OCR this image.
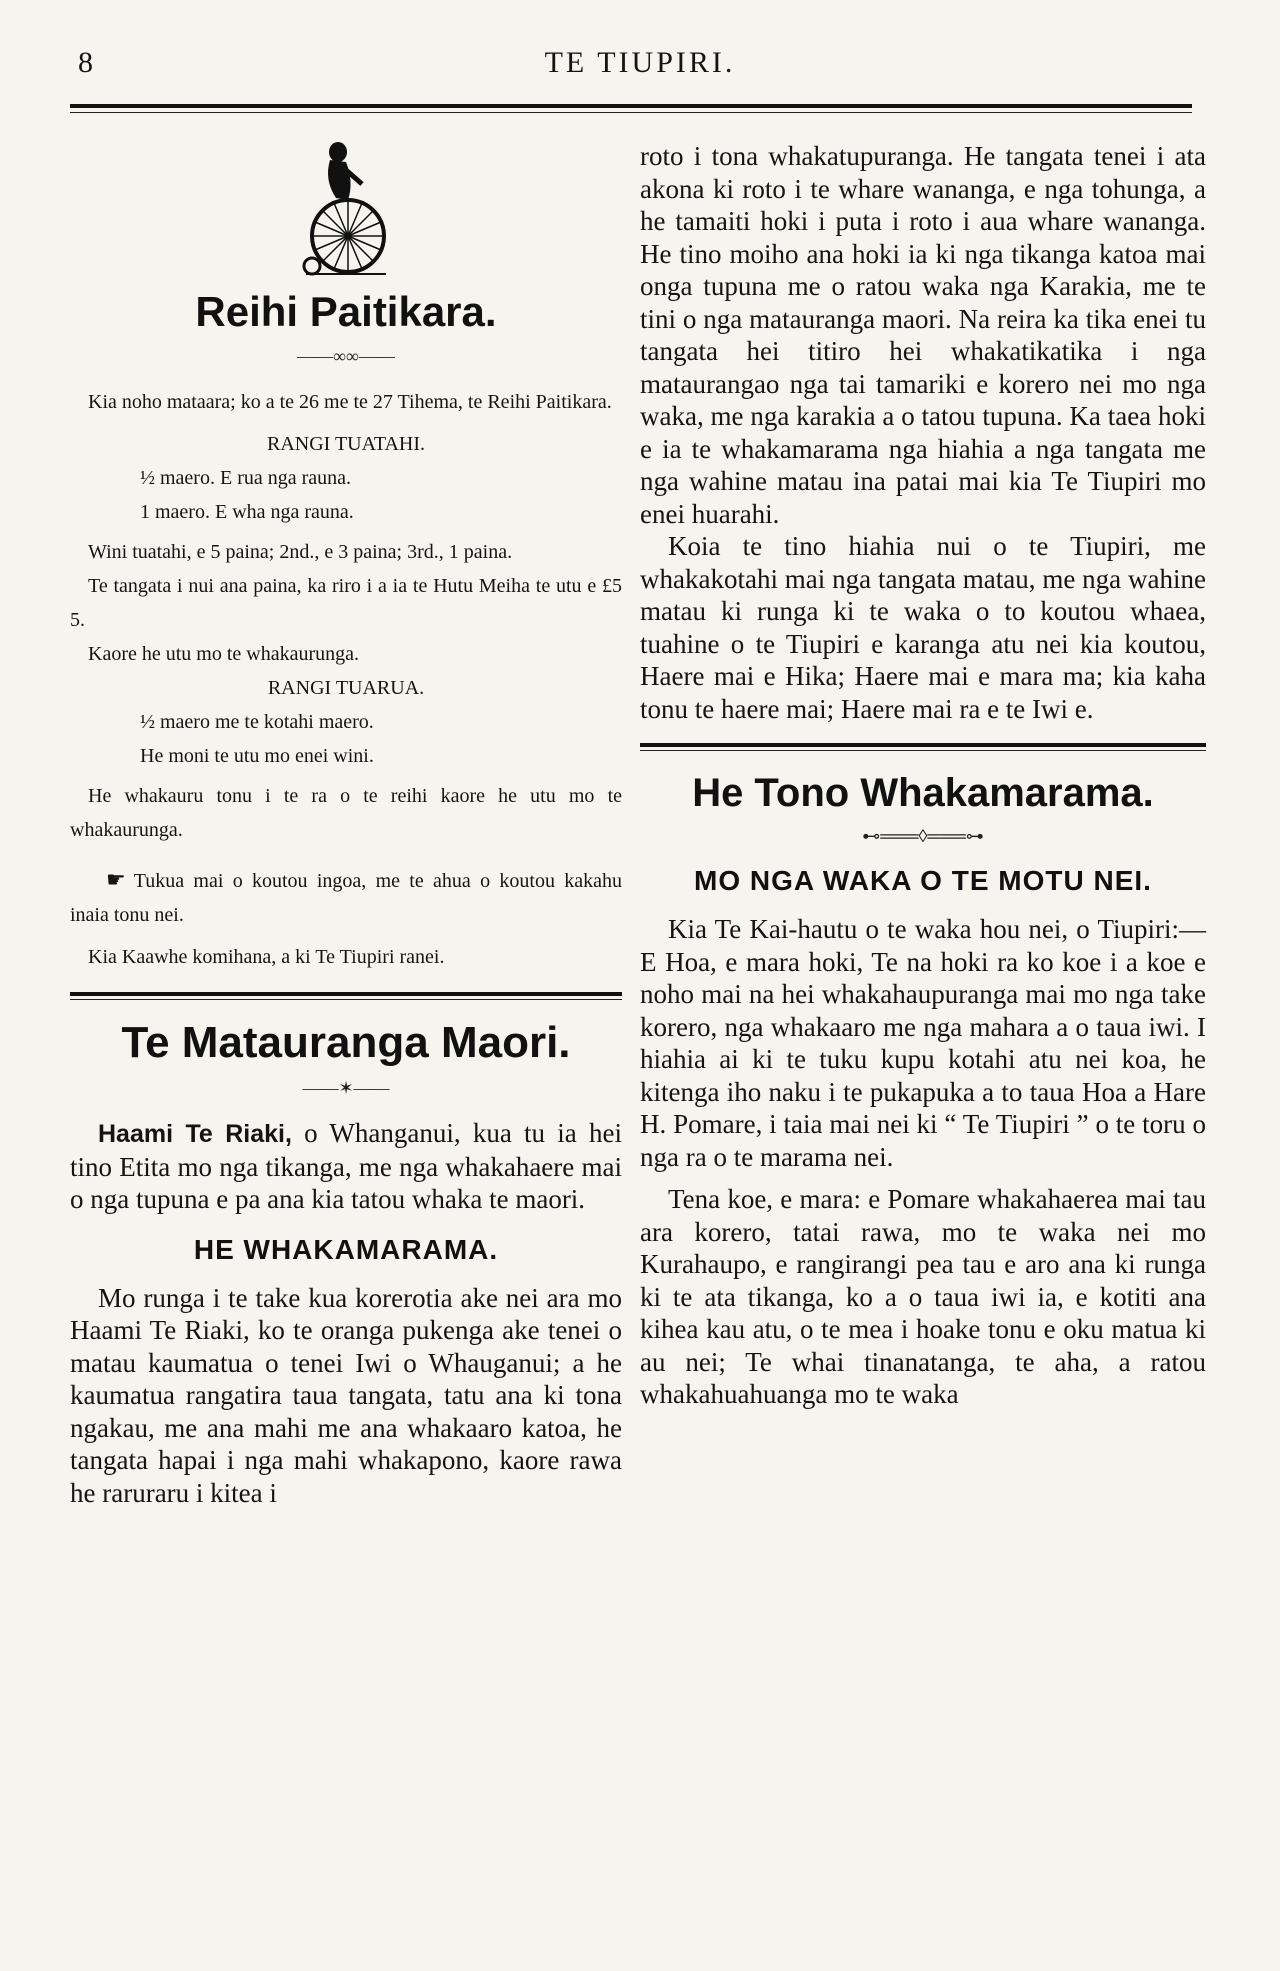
8	TE TIUPIRI.
Reihi Paitikara.
——∞∞——

Kia noho mataara; ko a te 26 me te 27 Tihema, te Reihi Paitikara.

RANGI TUATAHI.

½ maero. E rua nga rauna.

1 maero. E wha nga rauna.

Wini tuatahi, e 5 paina; 2nd., e 3 paina; 3rd., 1 paina.

Te tangata i nui ana paina, ka riro i a ia te Hutu Meiha te utu e £5 5.

Kaore he utu mo te whakaurunga.

RANGI TUARUA.

½ maero me te kotahi maero.

He moni te utu mo enei wini.

He whakauru tonu i te ra o te reihi kaore he utu mo te whakaurunga.

☛ Tukua mai o koutou ingoa, me te ahua o koutou kakahu inaia tonu nei.

Kia Kaawhe komihana, a ki Te Tiupiri ranei.

Te Matauranga Maori.
——✶——

Haami Te Riaki, o Whanganui, kua tu ia hei tino Etita mo nga tikanga, me nga whakahaere mai o nga tupuna e pa ana kia tatou whaka te maori.

HE WHAKAMARAMA.

Mo runga i te take kua korerotia ake nei ara mo Haami Te Riaki, ko te oranga pukenga ake tenei o matau kaumatua o tenei Iwi o Whauganui; a he kaumatua rangatira taua tangata, tatu ana ki tona ngakau, me ana mahi me ana whakaaro katoa, he tangata hapai i nga mahi whakapono, kaore rawa he raruraru i kitea i

roto i tona whakatupuranga. He tangata tenei i ata akona ki roto i te whare wananga, e nga tohunga, a he tamaiti hoki i puta i roto i aua whare wananga. He tino moiho ana hoki ia ki nga tikanga katoa mai onga tupuna me o ratou waka nga Karakia, me te tini o nga matauranga maori. Na reira ka tika enei tu tangata hei titiro hei whakatikatika i nga mataurangao nga tai tamariki e korero nei mo nga waka, me nga karakia a o tatou tupuna. Ka taea hoki e ia te whakamarama nga hiahia a nga tangata me nga wahine matau ina patai mai kia Te Tiupiri mo enei huarahi.

Koia te tino hiahia nui o te Tiupiri, me whakakotahi mai nga tangata matau, me nga wahine matau ki runga ki te waka o to koutou whaea, tuahine o te Tiupiri e karanga atu nei kia koutou, Haere mai e Hika; Haere mai e mara ma; kia kaha tonu te haere mai; Haere mai ra e te Iwi e.

He Tono Whakamarama.
⊷═══◊═══⊶
MO NGA WAKA O TE MOTU NEI.

Kia Te Kai-hautu o te waka hou nei, o Tiupiri:—E Hoa, e mara hoki, Te na hoki ra ko koe i a koe e noho mai na hei whakahaupuranga mai mo nga take korero, nga whakaaro me nga mahara a o taua iwi. I hiahia ai ki te tuku kupu kotahi atu nei koa, he kitenga iho naku i te pukapuka a to taua Hoa a Hare H. Pomare, i taia mai nei ki “ Te Tiupiri ” o te toru o nga ra o te marama nei.

Tena koe, e mara: e Pomare whakahaerea mai tau ara korero, tatai rawa, mo te waka nei mo Kurahaupo, e rangirangi pea tau e aro ana ki runga ki te ata tikanga, ko a o taua iwi ia, e kotiti ana kihea kau atu, o te mea i hoake tonu e oku matua ki au nei; Te whai tinanatanga, te aha, a ratou whakahuahuanga mo te waka
